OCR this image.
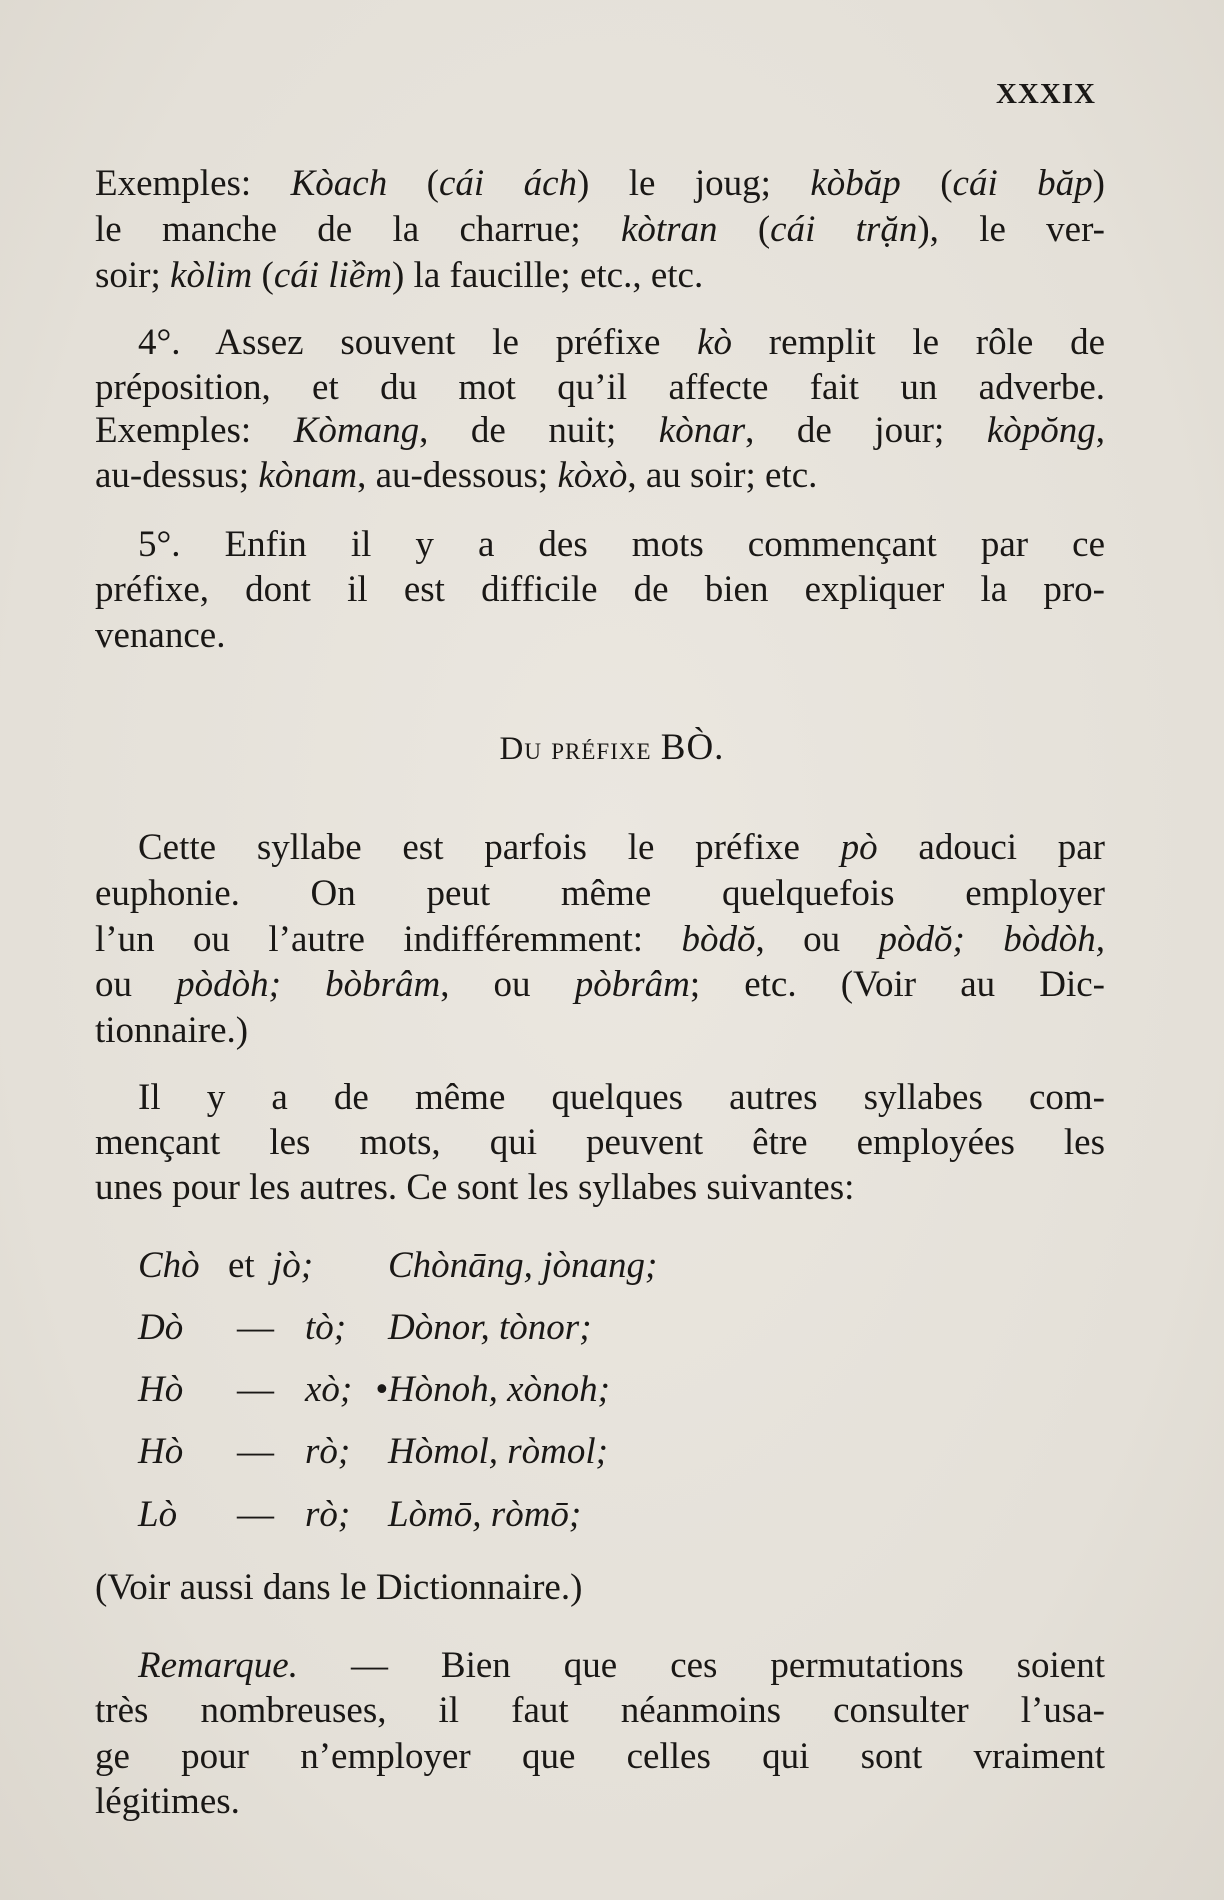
XXXIX
Du préfixe BÒ.
Exemples: Kòach (cái ách) le joug; kòbăp (cái băp)
le manche de la charrue; kòtran (cái trặn), le ver-
soir; kòlim (cái liềm) la faucille; etc., etc.
4°. Assez souvent le préfixe kò remplit le rôle de
préposition, et du mot qu’il affecte fait un adverbe.
Exemples: Kòmang, de nuit; kònar, de jour; kòpŏng,
au-dessus; kònam, au-dessous; kòxò, au soir; etc.
5°. Enfin il y a des mots commençant par ce
préfixe, dont il est difficile de bien expliquer la pro-
venance.
Cette syllabe est parfois le préfixe pò adouci par
euphonie. On peut même quelquefois employer
l’un ou l’autre indifféremment: bòdŏ, ou pòdŏ; bòdòh,
ou pòdòh; bòbrâm, ou pòbrâm; etc. (Voir au Dic-
tionnaire.)
Il y a de même quelques autres syllabes com-
mençant les mots, qui peuvent être employées les
unes pour les autres. Ce sont les syllabes suivantes:
(Voir aussi dans le Dictionnaire.)
Remarque. — Bien que ces permutations soient
très nombreuses, il faut néanmoins consulter l’usa-
ge pour n’employer que celles qui sont vraiment
légitimes.
Chò et jò; Chònāng, jònang;
Dò — tò; Dònor, tònor;
Hò — xò; •Hònoh, xònoh;
Hò — rò; Hòmol, ròmol;
Lò — rò; Lòmō, ròmō;
